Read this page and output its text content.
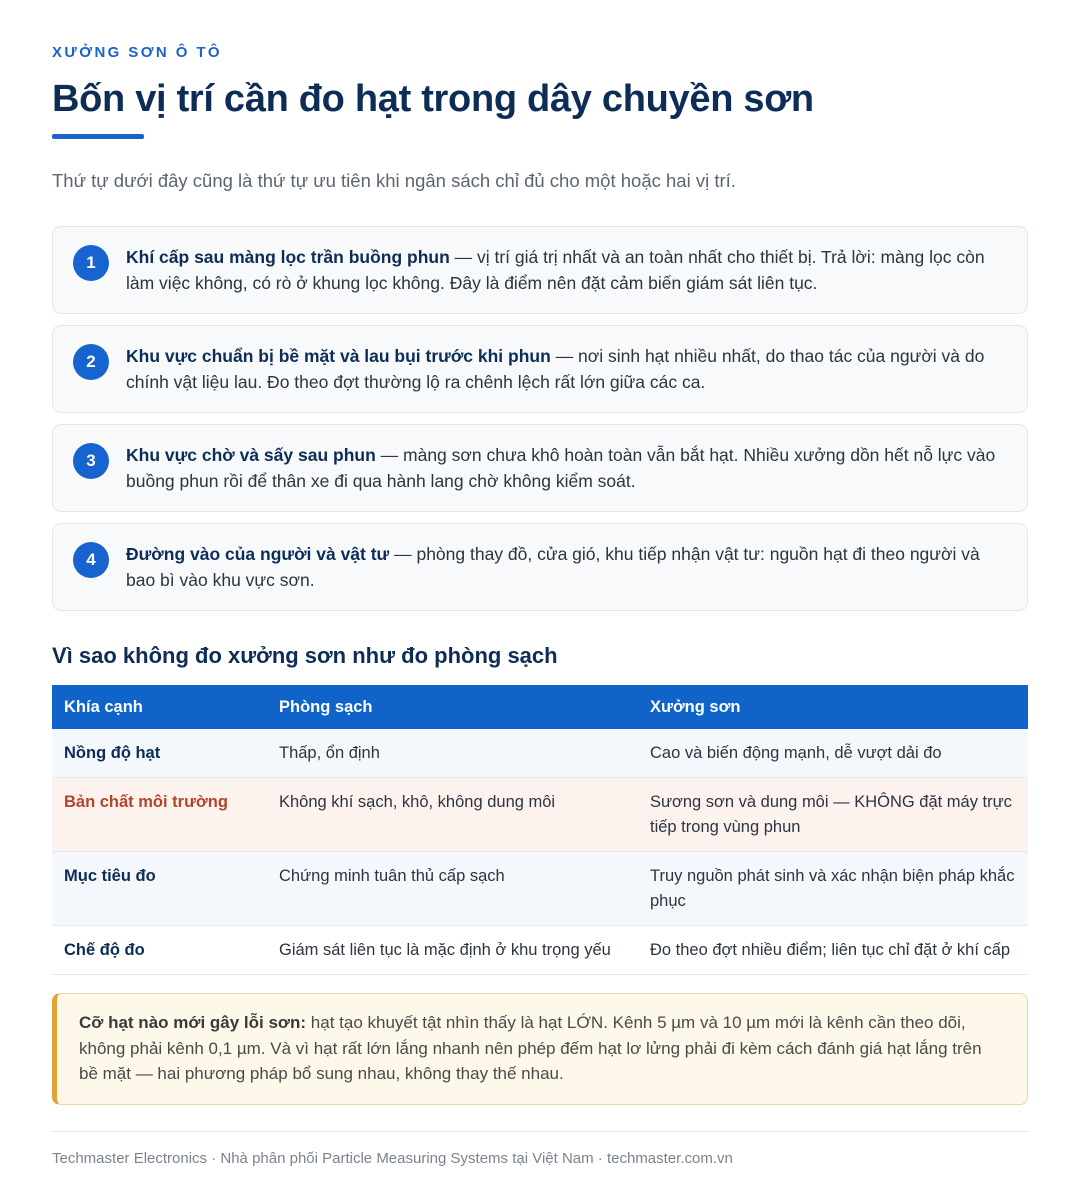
XƯỞNG SƠN Ô TÔ
Bốn vị trí cần đo hạt trong dây chuyền sơn

Thứ tự dưới đây cũng là thứ tự ưu tiên khi ngân sách chỉ đủ cho một hoặc hai vị trí.

1	Khí cấp sau màng lọc trần buồng phun — vị trí giá trị nhất và an toàn nhất cho thiết bị. Trả lời: màng lọc còn làm việc không, có rò ở khung lọc không. Đây là điểm nên đặt cảm biến giám sát liên tục.
2	Khu vực chuẩn bị bề mặt và lau bụi trước khi phun — nơi sinh hạt nhiều nhất, do thao tác của người và do chính vật liệu lau. Đo theo đợt thường lộ ra chênh lệch rất lớn giữa các ca.
3	Khu vực chờ và sấy sau phun — màng sơn chưa khô hoàn toàn vẫn bắt hạt. Nhiều xưởng dồn hết nỗ lực vào buồng phun rồi để thân xe đi qua hành lang chờ không kiểm soát.
4	Đường vào của người và vật tư — phòng thay đồ, cửa gió, khu tiếp nhận vật tư: nguồn hạt đi theo người và bao bì vào khu vực sơn.
Vì sao không đo xưởng sơn như đo phòng sạch
Khía cạnh	Phòng sạch	Xưởng sơn
Nồng độ hạt	Thấp, ổn định	Cao và biến động mạnh, dễ vượt dải đo
Bản chất môi trường	Không khí sạch, khô, không dung môi	Sương sơn và dung môi — KHÔNG đặt máy trực tiếp trong vùng phun
Mục tiêu đo	Chứng minh tuân thủ cấp sạch	Truy nguồn phát sinh và xác nhận biện pháp khắc phục
Chế độ đo	Giám sát liên tục là mặc định ở khu trọng yếu	Đo theo đợt nhiều điểm; liên tục chỉ đặt ở khí cấp
Cỡ hạt nào mới gây lỗi sơn: hạt tạo khuyết tật nhìn thấy là hạt LỚN. Kênh 5 µm và 10 µm mới là kênh cần theo dõi, không phải kênh 0,1 µm. Và vì hạt rất lớn lắng nhanh nên phép đếm hạt lơ lửng phải đi kèm cách đánh giá hạt lắng trên bề mặt — hai phương pháp bổ sung nhau, không thay thế nhau.
Techmaster Electronics · Nhà phân phối Particle Measuring Systems tại Việt Nam · techmaster.com.vn
